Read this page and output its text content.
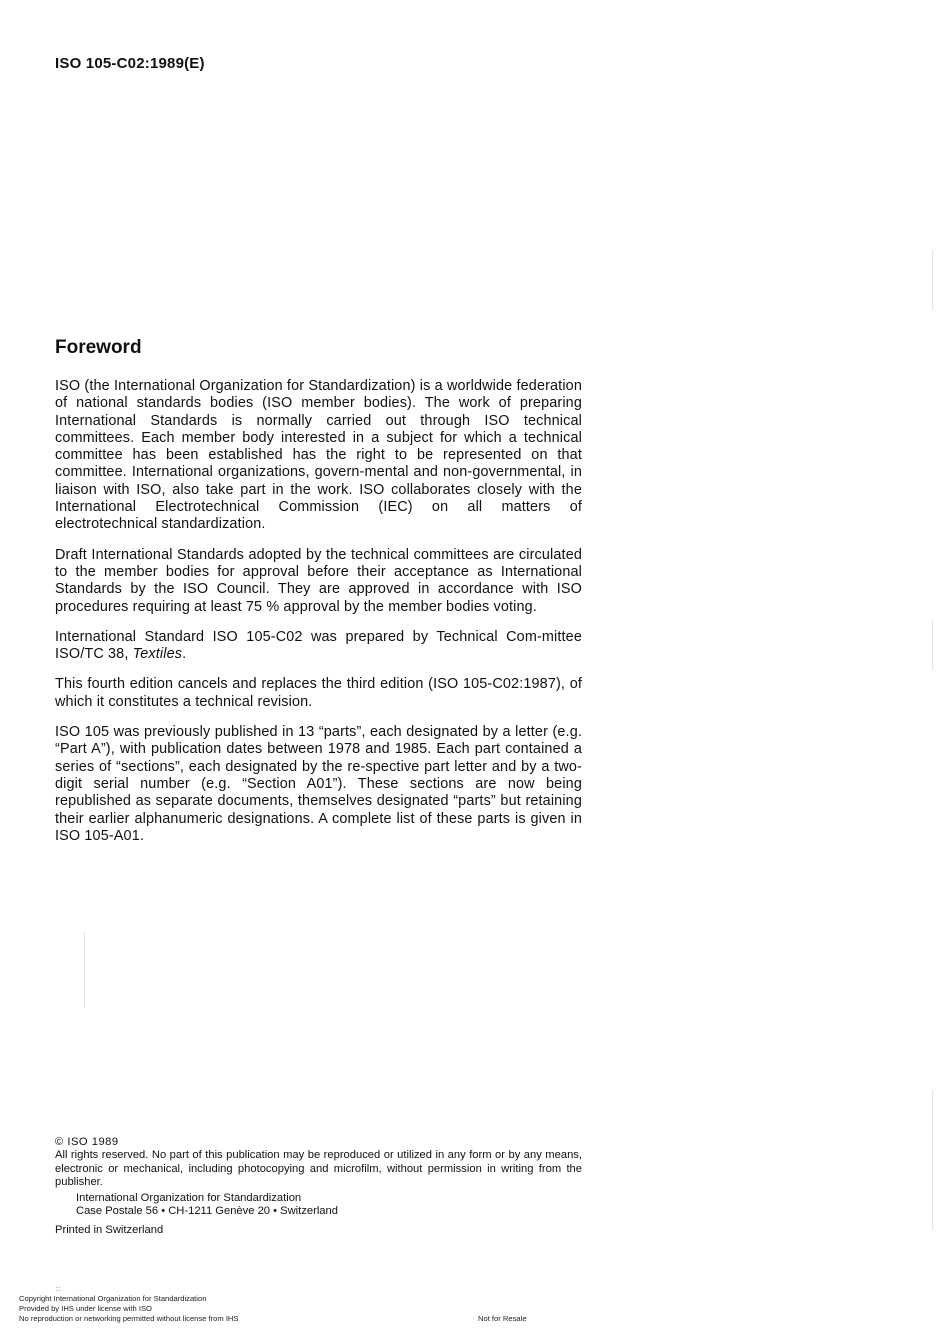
ISO 105-C02:1989(E)
Foreword

ISO (the International Organization for Standardization) is a worldwide federation of national standards bodies (ISO member bodies). The work of preparing International Standards is normally carried out through ISO technical committees. Each member body interested in a subject for which a technical committee has been established has the right to be represented on that committee. International organizations, govern-mental and non-governmental, in liaison with ISO, also take part in the work. ISO collaborates closely with the International Electrotechnical Commission (IEC) on all matters of electrotechnical standardization.

Draft International Standards adopted by the technical committees are circulated to the member bodies for approval before their acceptance as International Standards by the ISO Council. They are approved in accordance with ISO procedures requiring at least 75 % approval by the member bodies voting.

International Standard ISO 105-C02 was prepared by Technical Com-mittee ISO/TC 38, Textiles.

This fourth edition cancels and replaces the third edition (ISO 105-C02:1987), of which it constitutes a technical revision.

ISO 105 was previously published in 13 “parts”, each designated by a letter (e.g. “Part A”), with publication dates between 1978 and 1985. Each part contained a series of “sections”, each designated by the re-spective part letter and by a two-digit serial number (e.g. “Section A01”). These sections are now being republished as separate documents, themselves designated “parts” but retaining their earlier alphanumeric designations. A complete list of these parts is given in ISO 105-A01.

© ISO 1989
All rights reserved. No part of this publication may be reproduced or utilized in any form or by any means, electronic or mechanical, including photocopying and microfilm, without permission in writing from the publisher.
International Organization for Standardization
Case Postale 56 • CH-1211 Genève 20 • Switzerland
Printed in Switzerland
::
Copyright International Organization for Standardization
Provided by IHS under license with ISO
No reproduction or networking permitted without license from IHS	Not for Resale
